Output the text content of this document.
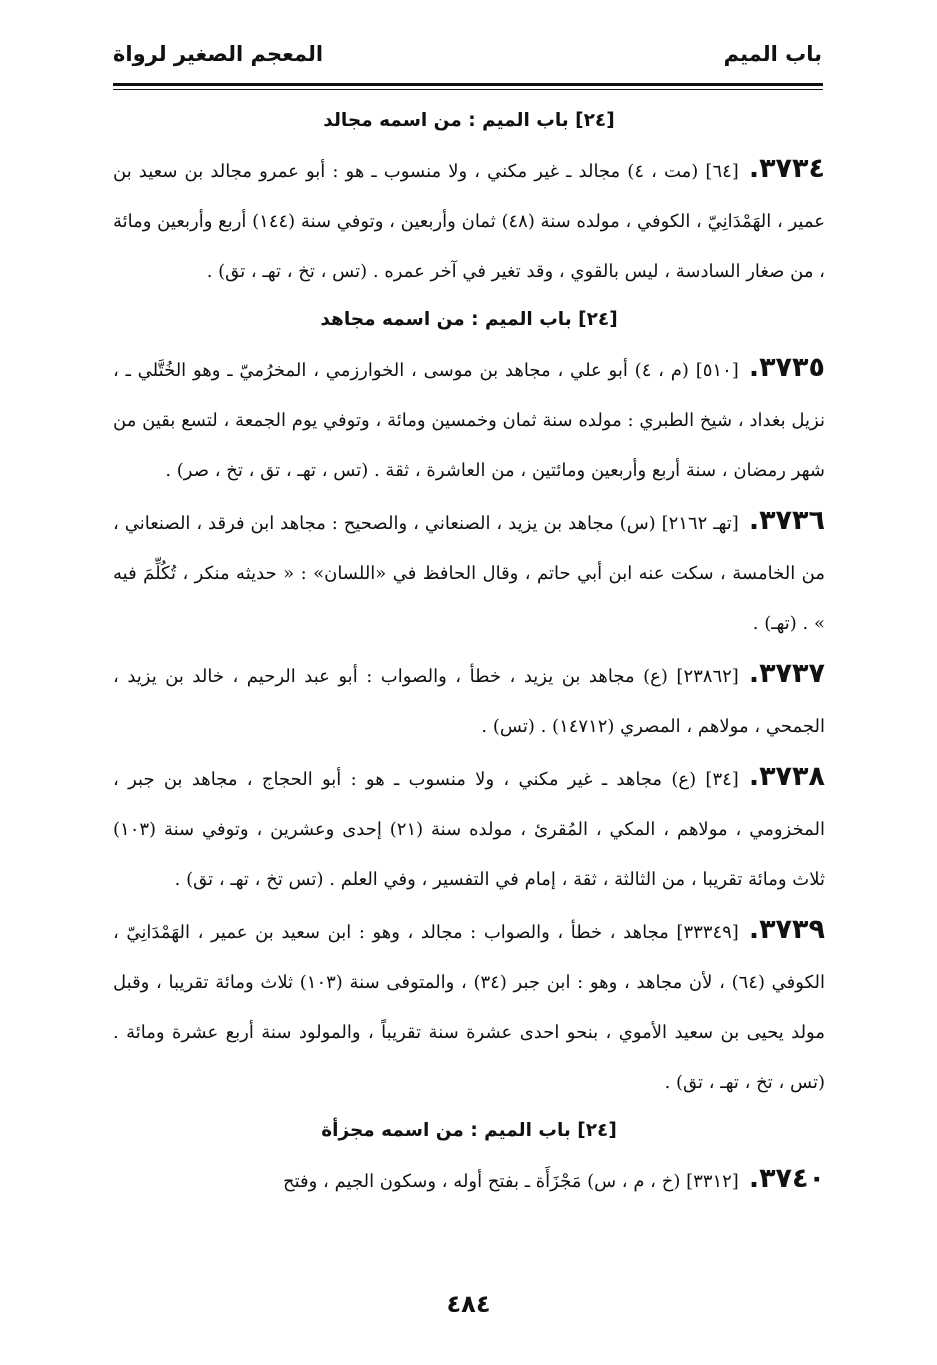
باب الميم
المعجم الصغير لرواة
[٢٤] باب الميم : من اسمه مجالد

٣٧٣٤.[٦٤] (مت ، ٤) مجالد ـ غير مكني ، ولا منسوب ـ هو : أبو عمرو مجالد بن سعيد بن عمير ، الهَمْدَانِيّ ، الكوفي ، مولده سنة (٤٨) ثمان وأربعين ، وتوفي سنة (١٤٤) أربع وأربعين ومائة ، من صغار السادسة ، ليس بالقوي ، وقد تغير في آخر عمره . (تس ، تخ ، تهـ ، تق) .

[٢٤] باب الميم : من اسمه مجاهد

٣٧٣٥.[٥١٠] (م ، ٤) أبو علي ، مجاهد بن موسى ، الخوارزمي ، المخرُميّ ـ وهو الخُتَّلي ـ ، نزيل بغداد ، شيخ الطبري : مولده سنة ثمان وخمسين ومائة ، وتوفي يوم الجمعة ، لتسع بقين من شهر رمضان ، سنة أربع وأربعين ومائتين ، من العاشرة ، ثقة . (تس ، تهـ ، تق ، تخ ، صر) .

٣٧٣٦.[تهـ ٢١٦٢] (س) مجاهد بن يزيد ، الصنعاني ، والصحيح : مجاهد ابن فرقد ، الصنعاني ، من الخامسة ، سكت عنه ابن أبي حاتم ، وقال الحافظ في «اللسان» : « حديثه منكر ، تُكُلِّمَ فيه » . (تهـ) .

٣٧٣٧.[٢٣٨٦٢] (ع) مجاهد بن يزيد ، خطأ ، والصواب : أبو عبد الرحيم ، خالد بن يزيد ، الجمحي ، مولاهم ، المصري (١٤٧١٢) . (تس) .

٣٧٣٨.[٣٤] (ع) مجاهد ـ غير مكني ، ولا منسوب ـ هو : أبو الحجاج ، مجاهد بن جبر ، المخزومي ، مولاهم ، المكي ، المُقرئ ، مولده سنة (٢١) إحدى وعشرين ، وتوفي سنة (١٠٣) ثلاث ومائة تقريبا ، من الثالثة ، ثقة ، إمام في التفسير ، وفي العلم . (تس تخ ، تهـ ، تق) .

٣٧٣٩.[٣٣٣٤٩] مجاهد ، خطأ ، والصواب : مجالد ، وهو : ابن سعيد بن عمير ، الهَمْدَانِيّ ، الكوفي (٦٤) ، لأن مجاهد ، وهو : ابن جبر (٣٤) ، والمتوفى سنة (١٠٣) ثلاث ومائة تقريبا ، وقبل مولد يحيى بن سعيد الأموي ، بنحو احدى عشرة سنة تقريباً ، والمولود سنة أربع عشرة ومائة . (تس ، تخ ، تهـ ، تق) .

[٢٤] باب الميم : من اسمه مجزأة

٣٧٤٠.[٣٣١٢] (خ ، م ، س) مَجْزَأَة ـ بفتح أوله ، وسكون الجيم ، وفتح

٤٨٤
